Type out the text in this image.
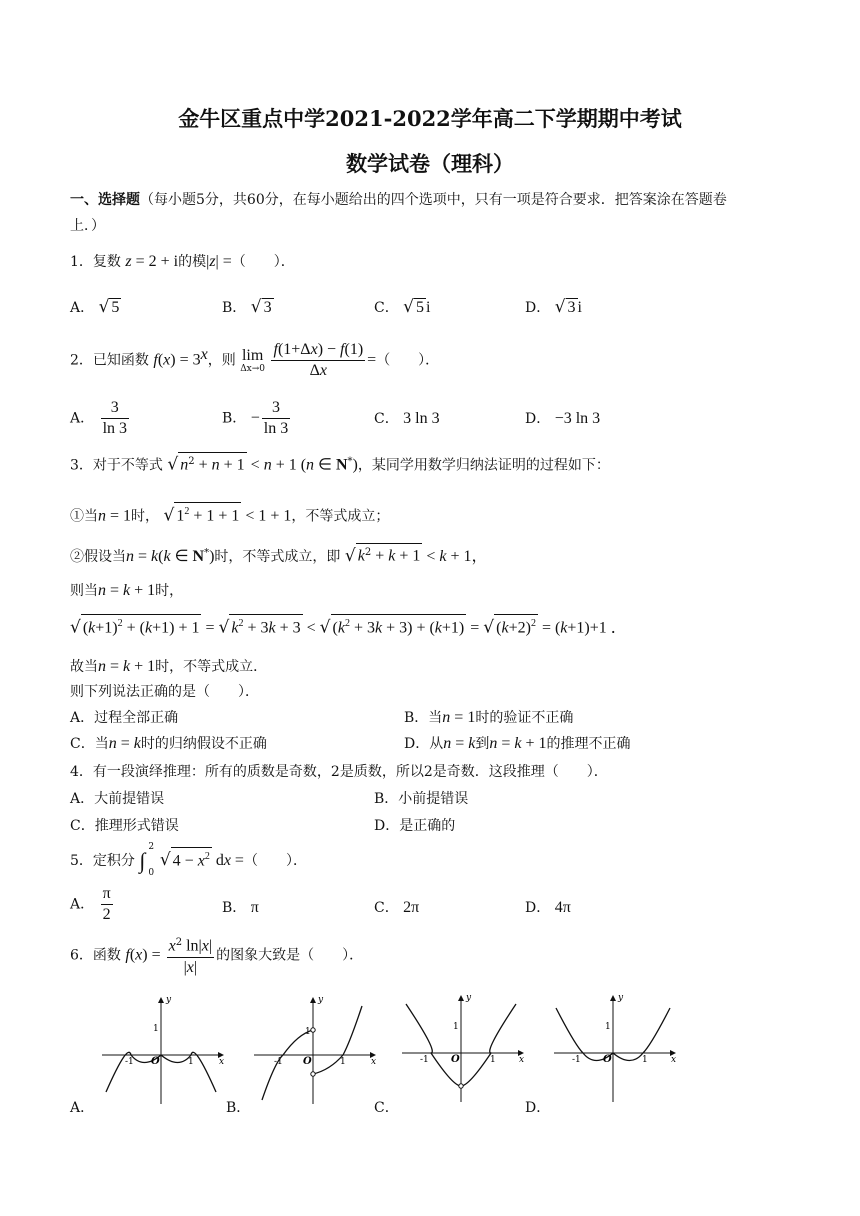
金牛区重点中学2021-2022学年高二下学期期中考试
数学试卷（理科）
一、选择题（每小题5分，共60分，在每小题给出的四个选项中，只有一项是符合要求．把答案涂在答题卷
上．）
1．复数 z = 2 + i的模|z| =（　　）．
A． √ 5	B． √ 3	C． √ 5 i	D． √ 3 i
2．已知函数 $f(x) = 3^x$，则 lim
Δx→0
$\frac{f(1+\Delta x) - f(1)}{\Delta x}$ =（　　）．
A． $\frac{3}{\ln 3}$	B． − $\frac{3}{\ln 3}$	C． 3 ln 3	D． −3 ln 3
3．对于不等式 √ $n^2 + n + 1 < n + 1$ (n ∈ N*)，某同学用数学归纳法证明的过程如下：
①当n = 1时， √ $1^2 + 1 + 1 < 1 + 1$，不等式成立；
②假设当n = k(k ∈ N*)时，不等式成立，即 √ $k^2 + k + 1 < k + 1$，
则当n = k + 1时，
√ $(k+1)^2 + (k+1) + 1$ = √ $k^2 + 3k + 3$ < √ $(k^2 + 3k + 3) + (k+1)$ = √ $(k+2)^2 = (k+1)+1$ ．
故当n = k + 1时，不等式成立．
则下列说法正确的是（　　）．
A．过程全部正确	B．当n = 1时的验证不正确
C．当n = k时的归纳假设不正确	D．从n = k到n = k + 1的推理不正确
4．有一段演绎推理：所有的质数是奇数，2是质数，所以2是奇数．这段推理（　　）．
A．大前提错误	B．小前提错误
C．推理形式错误	D．是正确的
5．定积分 ∫
2
0
√ $4 - x^2$ dx =（　　）．
A． $\frac{\pi}{2}$	B． π	C． 2π	D． 4π
6．函数 $f(x) = \frac{x^2 \ln|x|}{|x|}$ 的图象大致是（　　）．
y
x
O
1
-1	1
A．
y
x
O
1
-1	1
B．
y
x
O
1
-1	1
C．
y
x
O
1
-1	1
D．
